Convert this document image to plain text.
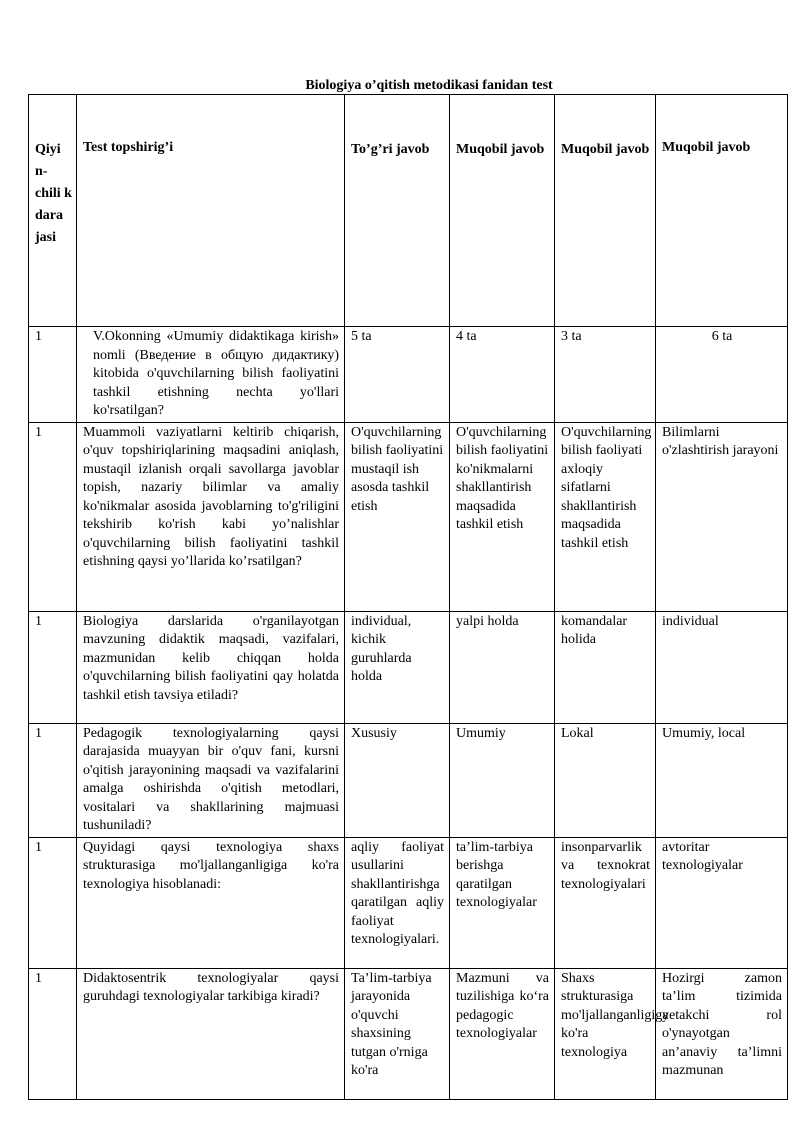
Biologiya o’qitish metodikasi fanidan test
Qiyi n- chili k dara jasi	Test topshirig’i	To’g’ri javob	Muqobil javob	Muqobil javob	Muqobil javob
1	V.Okonning «Umumiy didaktikaga kirish» nomli (Введение в общую дидактику) kitobida o'quvchilarning bilish faoliyatini tashkil etishning nechta yo'llari ko'rsatilgan?	5 ta	4 ta	3 ta	6 ta
1	Muammoli vaziyatlarni keltirib chiqarish, o'quv topshiriqlarining maqsadini aniqlash, mustaqil izlanish orqali savollarga javoblar topish, nazariy bilimlar va amaliy ko'nikmalar asosida javoblarning to'g'riligini tekshirib ko'rish kabi yo’nalishlar o'quvchilarning bilish faoliyatini tashkil etishning qaysi yo’llarida ko’rsatilgan?	O'quvchilarning bilish faoliyatini mustaqil ish asosda tashkil etish	O'quvchilarning bilish faoliyatini ko'nikmalarni shakllantirish maqsadida tashkil etish	O'quvchilarning bilish faoliyati axloqiy sifatlarni shakllantirish maqsadida tashkil etish	Bilimlarni o'zlashtirish jarayoni
1	Biologiya darslarida o'rganilayotgan mavzuning didaktik maqsadi, vazifalari, mazmunidan kelib chiqqan holda o'quvchilarning bilish faoliyatini qay holatda tashkil etish tavsiya etiladi?	individual, kichik guruhlarda holda	yalpi holda	komandalar holida	individual
1	Pedagogik texnologiyalarning qaysi darajasida muayyan bir o'quv fani, kursni o'qitish jarayonining maqsadi va vazifalarini amalga oshirishda o'qitish metodlari, vositalari va shakllarining majmuasi tushuniladi?	Xususiy	Umumiy	Lokal	Umumiy, local
1	Quyidagi qaysi texnologiya shaxs strukturasiga mo'ljallanganligiga ko'ra texnologiya hisoblanadi:	aqliy faoliyat usullarini shakllantirishga qaratilgan aqliy faoliyat texnologiyalari.	ta’lim-tarbiya berishga qaratilgan texnologiyalar	insonparvarlik va texnokrat texnologiyalari	avtoritar texnologiyalar
1	Didaktosentrik texnologiyalar qaysi guruhdagi texnologiyalar tarkibiga kiradi?	Ta’lim-tarbiya jarayonida o'quvchi shaxsining tutgan o'rniga ko'ra	Mazmuni va tuzilishiga ko‘ra pedagogic texnologiyalar	Shaxs strukturasiga mo'ljallanganligiga ko'ra texnologiya	Hozirgi zamon ta’lim tizimida yetakchi rol o'ynayotgan an’anaviy ta’limni mazmunan
